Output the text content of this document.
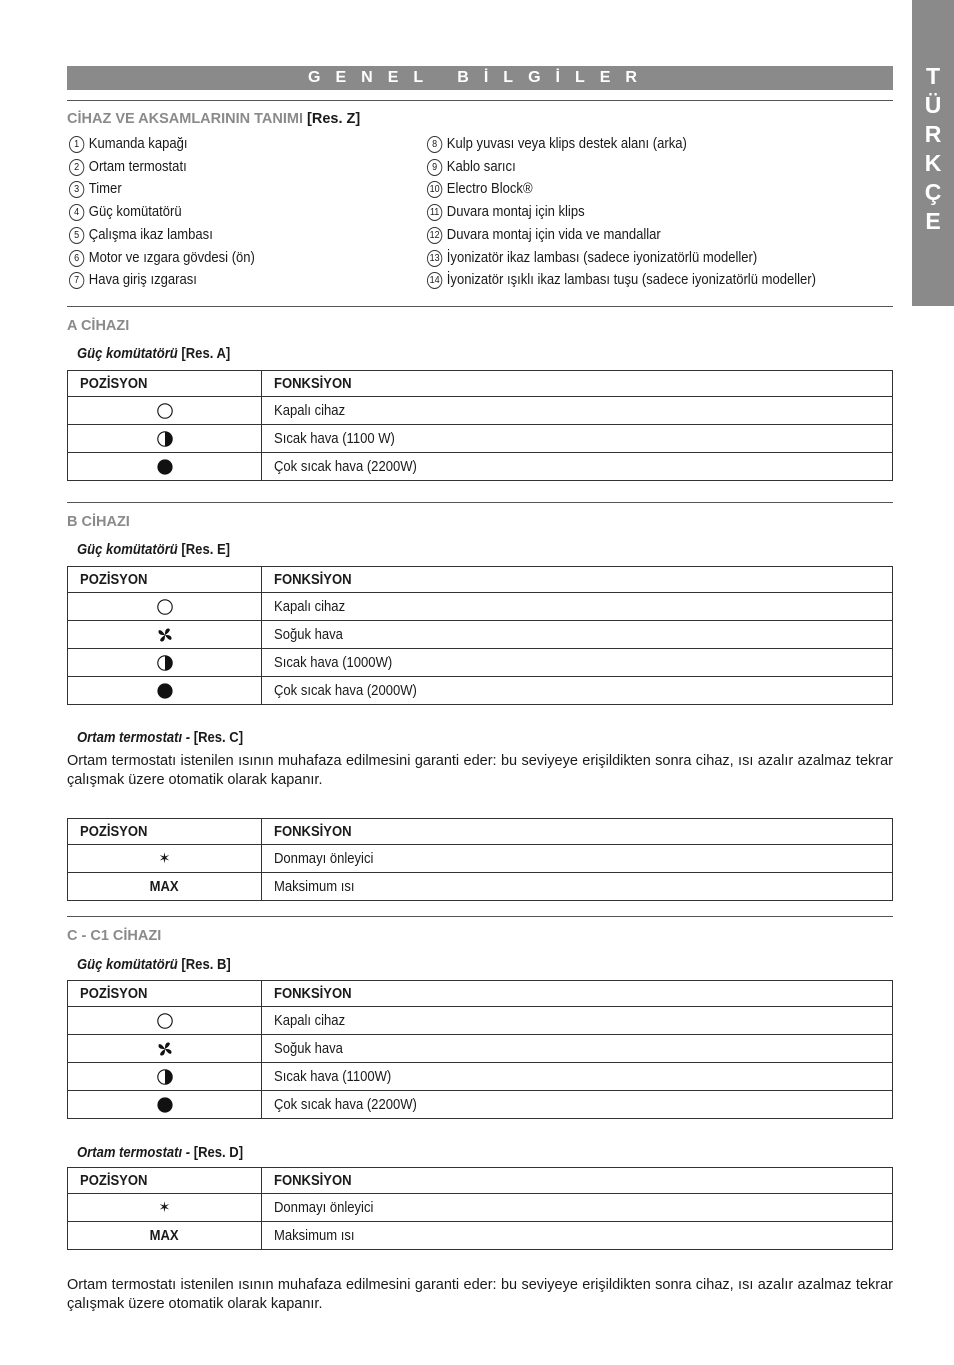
T
Ü
R
K
Ç
E
GENEL BİLGİLER
CİHAZ VE AKSAMLARININ TANIMI [Res. Z]
1 Kumanda kapağı
2 Ortam termostatı
3 Timer
4 Güç komütatörü
5 Çalışma ikaz lambası
6 Motor ve ızgara gövdesi (ön)
7 Hava giriş ızgarası
8 Kulp yuvası veya klips destek alanı (arka)
9 Kablo sarıcı
10 Electro Block®
11 Duvara montaj için klips
12 Duvara montaj için vida ve mandallar
13 İyonizatör ikaz lambası (sadece iyonizatörlü modeller)
14 İyonizatör ışıklı ikaz lambası tuşu (sadece iyonizatörlü modeller)
A CİHAZI
Güç komütatörü [Res. A]
POZİSYON	FONKSİYON
	Kapalı cihaz
	Sıcak hava (1100 W)
	Çok sıcak hava (2200W)
B CİHAZI
Güç komütatörü [Res. E]
POZİSYON	FONKSİYON
	Kapalı cihaz
	Soğuk hava
	Sıcak hava (1000W)
	Çok sıcak hava (2000W)
Ortam termostatı - [Res. C]
Ortam termostatı istenilen ısının muhafaza edilmesini garanti eder: bu seviyeye erişildikten sonra cihaz, ısı azalır azalmaz tekrar çalışmak üzere otomatik olarak kapanır.
POZİSYON	FONKSİYON
✶	Donmayı önleyici
MAX	Maksimum ısı
C - C1 CİHAZI
Güç komütatörü [Res. B]
POZİSYON	FONKSİYON
	Kapalı cihaz
	Soğuk hava
	Sıcak hava (1100W)
	Çok sıcak hava (2200W)
Ortam termostatı - [Res. D]
POZİSYON	FONKSİYON
✶	Donmayı önleyici
MAX	Maksimum ısı
Ortam termostatı istenilen ısının muhafaza edilmesini garanti eder: bu seviyeye erişildikten sonra cihaz, ısı azalır azalmaz tekrar çalışmak üzere otomatik olarak kapanır.
